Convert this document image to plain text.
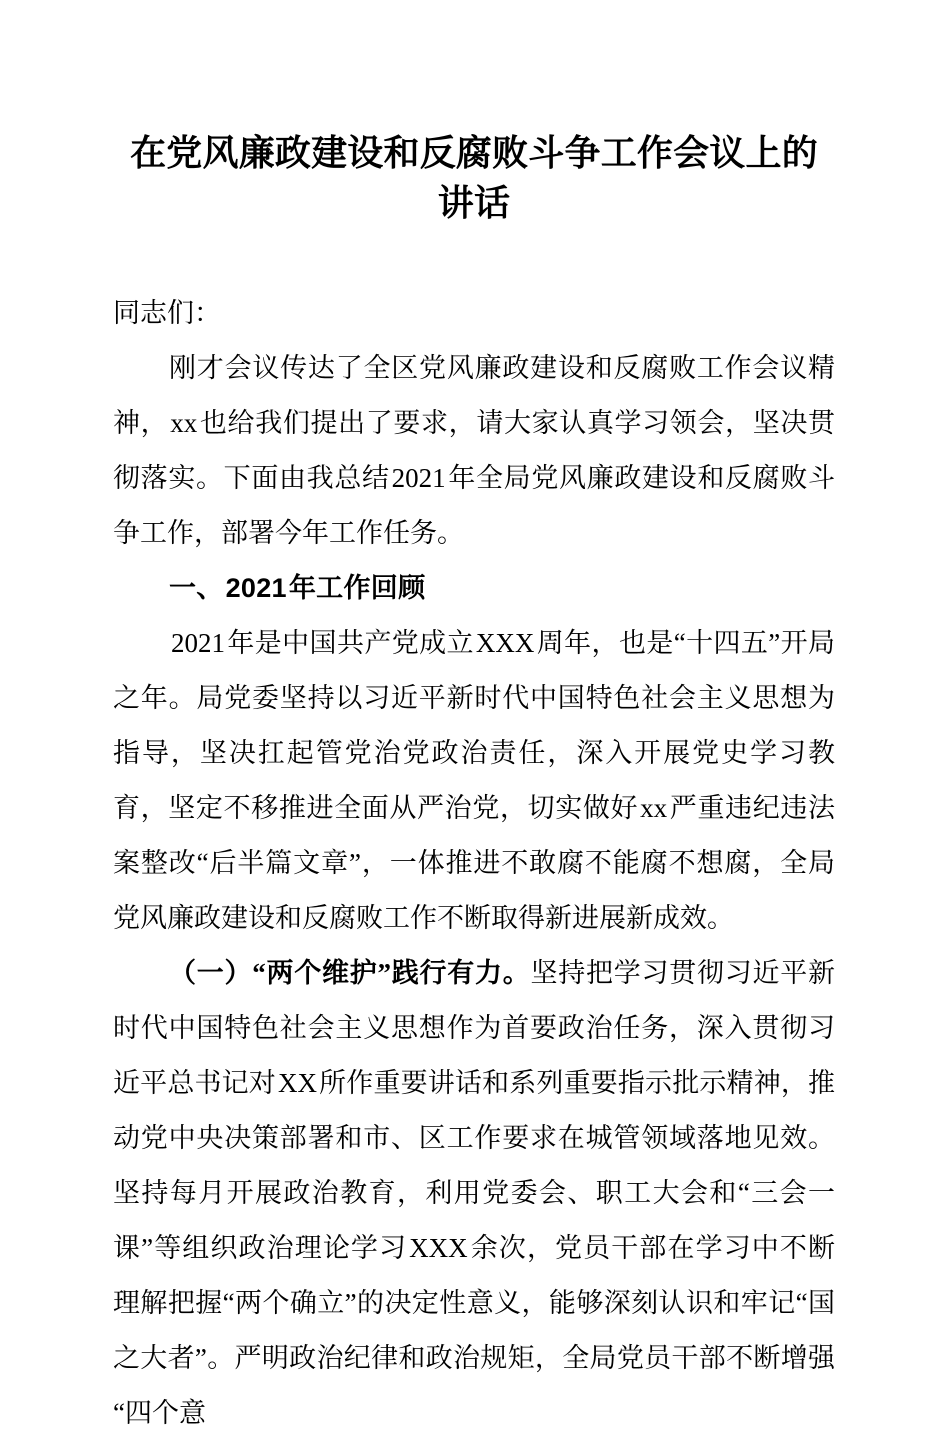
在党风廉政建设和反腐败斗争工作会议上的讲话

同志们：

刚才会议传达了全区党风廉政建设和反腐败工作会议精神，xx也给我们提出了要求，请大家认真学习领会，坚决贯彻落实。下面由我总结2021年全局党风廉政建设和反腐败斗争工作，部署今年工作任务。

一、2021年工作回顾

2021年是中国共产党成立XXX周年，也是“十四五”开局之年。局党委坚持以习近平新时代中国特色社会主义思想为指导，坚决扛起管党治党政治责任，深入开展党史学习教育，坚定不移推进全面从严治党，切实做好xx严重违纪违法案整改“后半篇文章”，一体推进不敢腐不能腐不想腐，全局党风廉政建设和反腐败工作不断取得新进展新成效。

（一）“两个维护”践行有力。坚持把学习贯彻习近平新时代中国特色社会主义思想作为首要政治任务，深入贯彻习近平总书记对XX所作重要讲话和系列重要指示批示精神，推动党中央决策部署和市、区工作要求在城管领域落地见效。坚持每月开展政治教育，利用党委会、职工大会和“三会一课”等组织政治理论学习XXX余次，党员干部在学习中不断理解把握“两个确立”的决定性意义，能够深刻认识和牢记“国之大者”。严明政治纪律和政治规矩，全局党员干部不断增强“四个意
